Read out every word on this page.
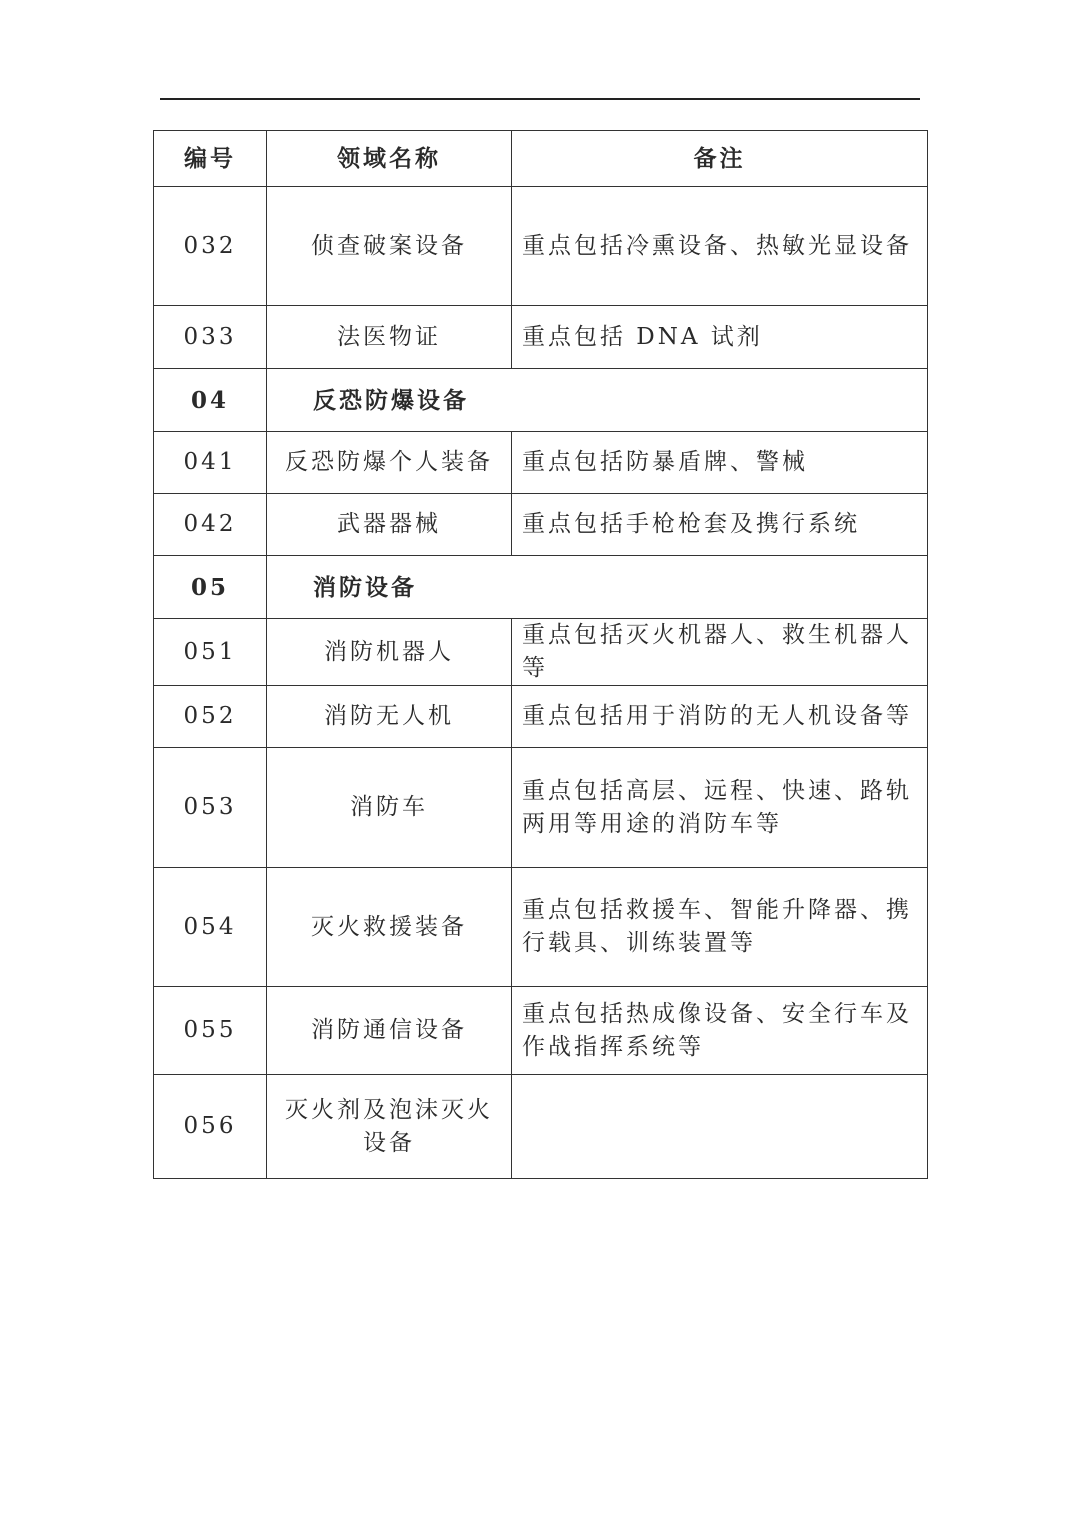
编号	领域名称	备注
032	侦查破案设备	重点包括冷熏设备、热敏光显设备
033	法医物证	重点包括 DNA 试剂
04	反恐防爆设备	
041	反恐防爆个人装备	重点包括防暴盾牌、警械
042	武器器械	重点包括手枪枪套及携行系统
05	消防设备	
051	消防机器人	重点包括灭火机器人、救生机器人等
052	消防无人机	重点包括用于消防的无人机设备等
053	消防车	重点包括高层、远程、快速、路轨两用等用途的消防车等
054	灭火救援装备	重点包括救援车、智能升降器、携行载具、训练装置等
055	消防通信设备	重点包括热成像设备、安全行车及作战指挥系统等
056	灭火剂及泡沫灭火设备	
